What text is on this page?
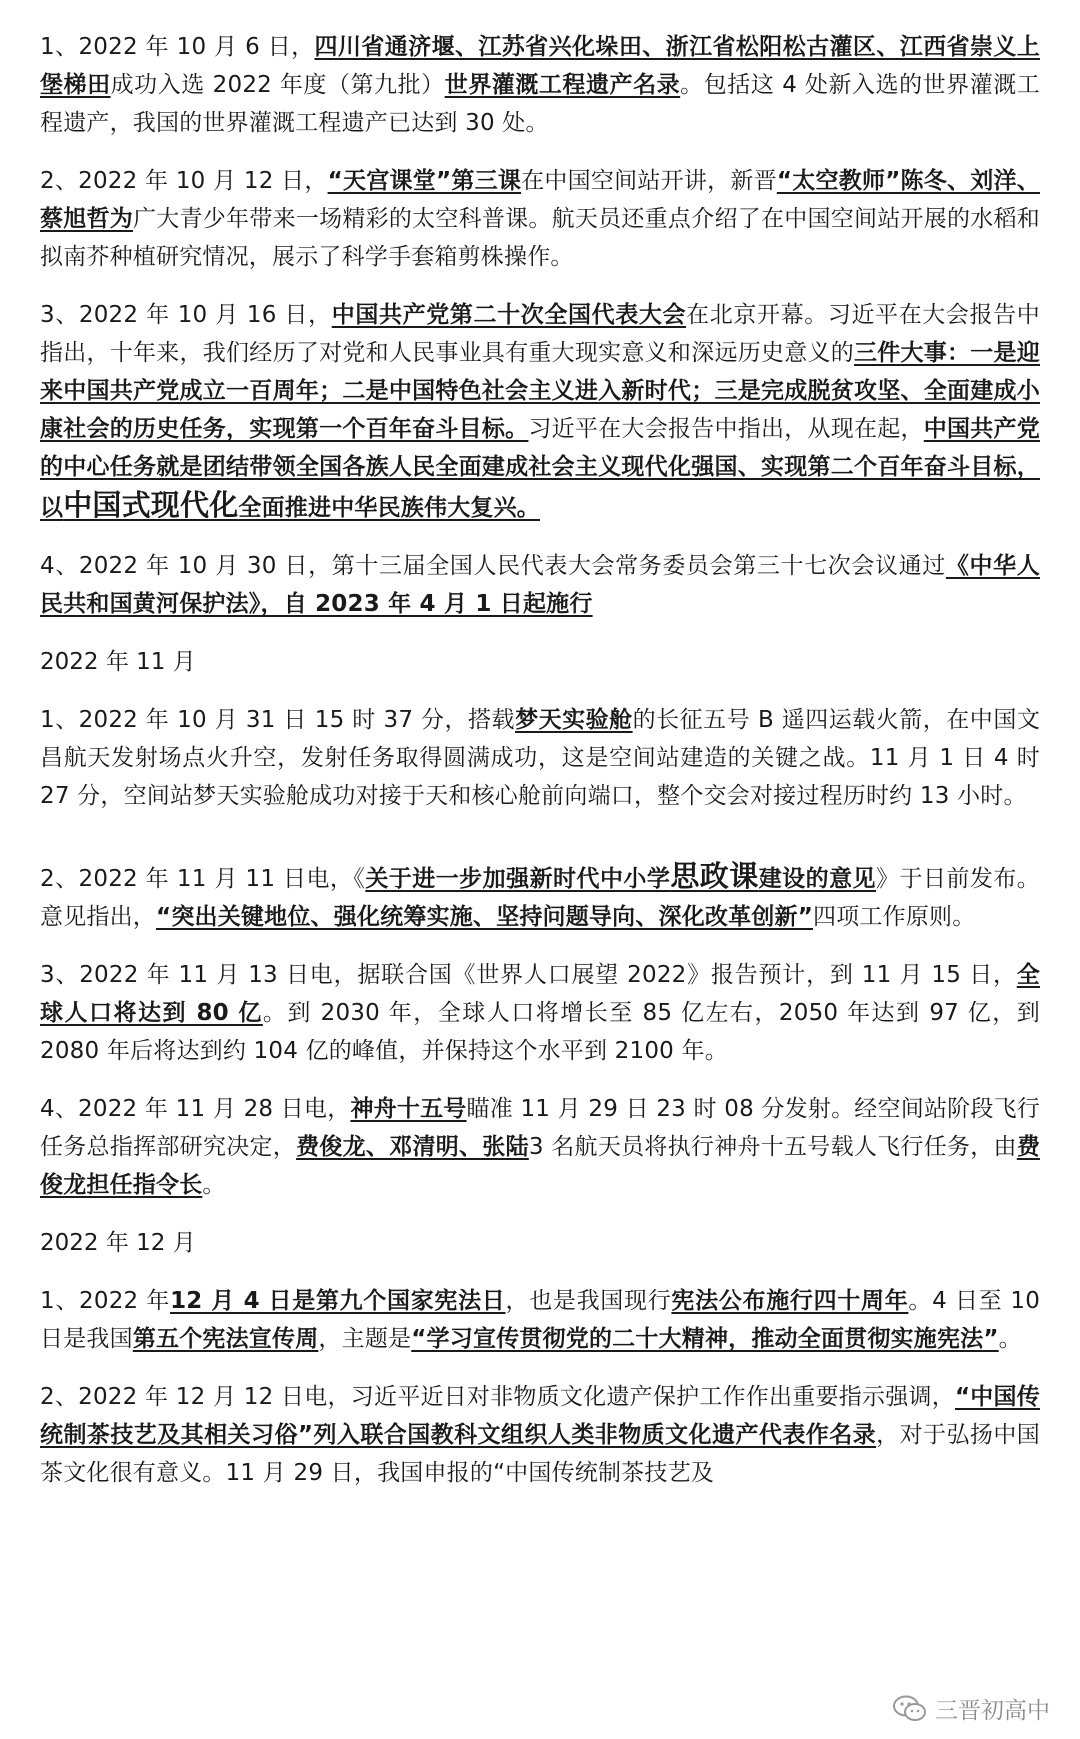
1、2022 年 10 月 6 日，四川省通济堰、江苏省兴化垛田、浙江省松阳松古灌区、江西省崇义上堡梯田成功入选 2022 年度（第九批）世界灌溉工程遗产名录。包括这 4 处新入选的世界灌溉工程遗产，我国的世界灌溉工程遗产已达到 30 处。

2、2022 年 10 月 12 日，“天宫课堂”第三课在中国空间站开讲，新晋“太空教师”陈冬、刘洋、蔡旭哲为广大青少年带来一场精彩的太空科普课。航天员还重点介绍了在中国空间站开展的水稻和拟南芥种植研究情况，展示了科学手套箱剪株操作。

3、2022 年 10 月 16 日，中国共产党第二十次全国代表大会在北京开幕。习近平在大会报告中指出，十年来，我们经历了对党和人民事业具有重大现实意义和深远历史意义的三件大事：一是迎来中国共产党成立一百周年；二是中国特色社会主义进入新时代；三是完成脱贫攻坚、全面建成小康社会的历史任务，实现第一个百年奋斗目标。习近平在大会报告中指出，从现在起，中国共产党的中心任务就是团结带领全国各族人民全面建成社会主义现代化强国、实现第二个百年奋斗目标，以中国式现代化全面推进中华民族伟大复兴。

4、2022 年 10 月 30 日，第十三届全国人民代表大会常务委员会第三十七次会议通过《中华人民共和国黄河保护法》，自 2023 年 4 月 1 日起施行

2022 年 11 月

1、2022 年 10 月 31 日 15 时 37 分，搭载梦天实验舱的长征五号 B 遥四运载火箭，在中国文昌航天发射场点火升空，发射任务取得圆满成功，这是空间站建造的关键之战。11 月 1 日 4 时 27 分，空间站梦天实验舱成功对接于天和核心舱前向端口，整个交会对接过程历时约 13 小时。

2、2022 年 11 月 11 日电，《关于进一步加强新时代中小学思政课建设的意见》于日前发布。意见指出，“突出关键地位、强化统筹实施、坚持问题导向、深化改革创新”四项工作原则。

3、2022 年 11 月 13 日电，据联合国《世界人口展望 2022》报告预计，到 11 月 15 日，全球人口将达到 80 亿。到 2030 年，全球人口将增长至 85 亿左右，2050 年达到 97 亿，到 2080 年后将达到约 104 亿的峰值，并保持这个水平到 2100 年。

4、2022 年 11 月 28 日电，神舟十五号瞄准 11 月 29 日 23 时 08 分发射。经空间站阶段飞行任务总指挥部研究决定，费俊龙、邓清明、张陆3 名航天员将执行神舟十五号载人飞行任务，由费俊龙担任指令长。

2022 年 12 月

1、2022 年12 月 4 日是第九个国家宪法日，也是我国现行宪法公布施行四十周年。4 日至 10 日是我国第五个宪法宣传周，主题是“学习宣传贯彻党的二十大精神，推动全面贯彻实施宪法”。

2、2022 年 12 月 12 日电，习近平近日对非物质文化遗产保护工作作出重要指示强调，“中国传统制茶技艺及其相关习俗”列入联合国教科文组织人类非物质文化遗产代表作名录，对于弘扬中国茶文化很有意义。11 月 29 日，我国申报的“中国传统制茶技艺及

三晋初高中
